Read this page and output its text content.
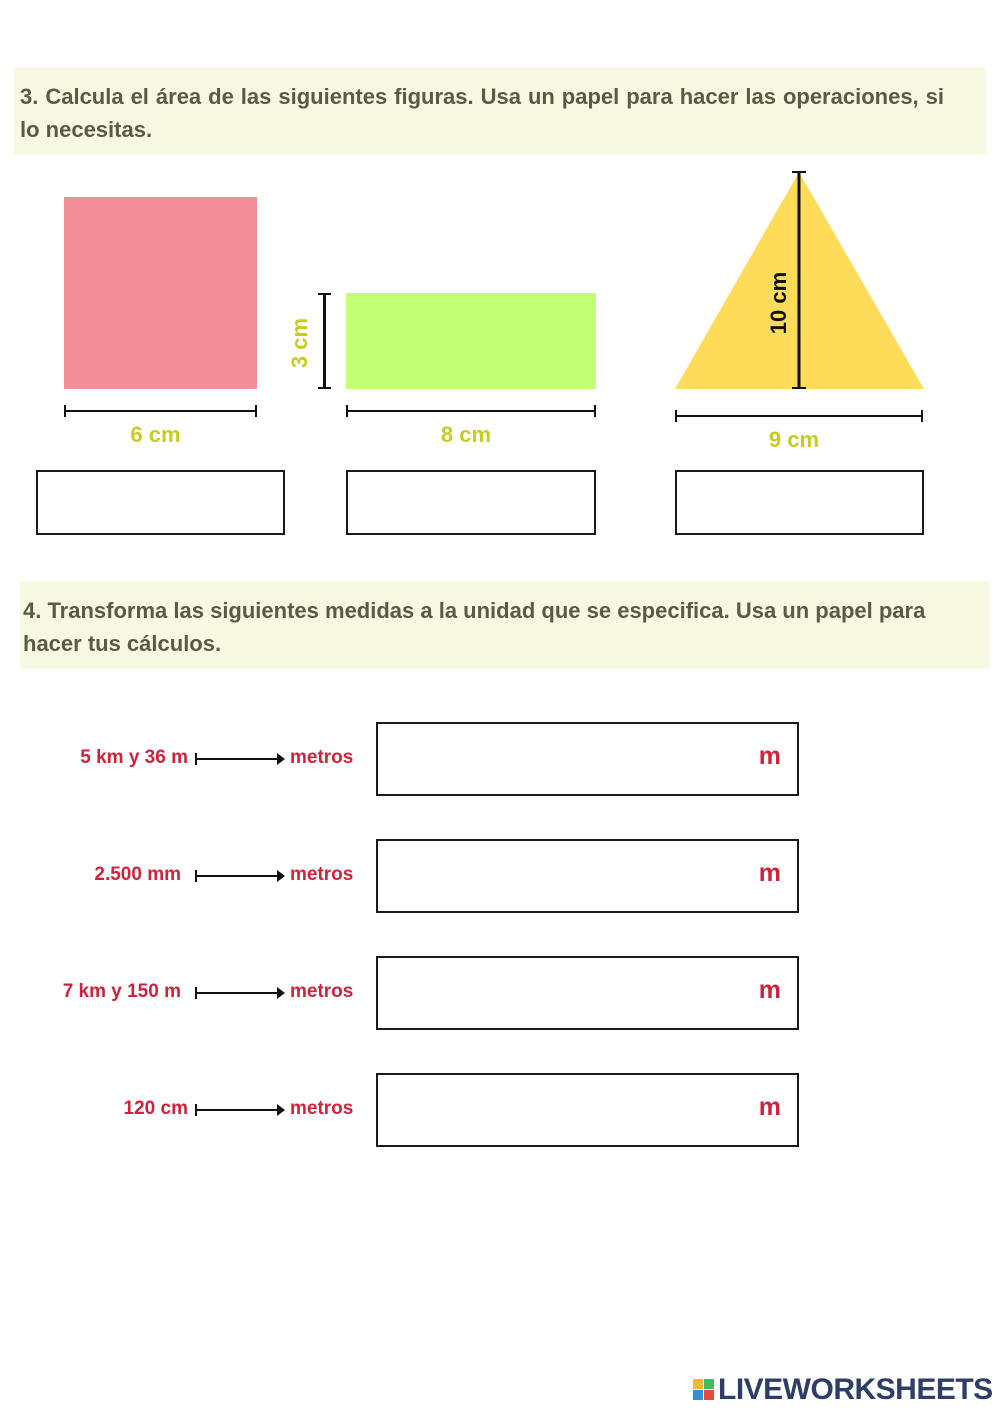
3. Calcula el área de las siguientes figuras. Usa un papel para hacer las operaciones, si lo necesitas.
6 cm
3 cm
8 cm
10 cm
9 cm
4. Transforma las siguientes medidas a la unidad que se especifica. Usa un papel para hacer tus cálculos.
5 km y 36 m	metros	m
2.500 mm	metros	m
7 km y 150 m	metros	m
120 cm	metros	m
LIVEWORKSHEETS
